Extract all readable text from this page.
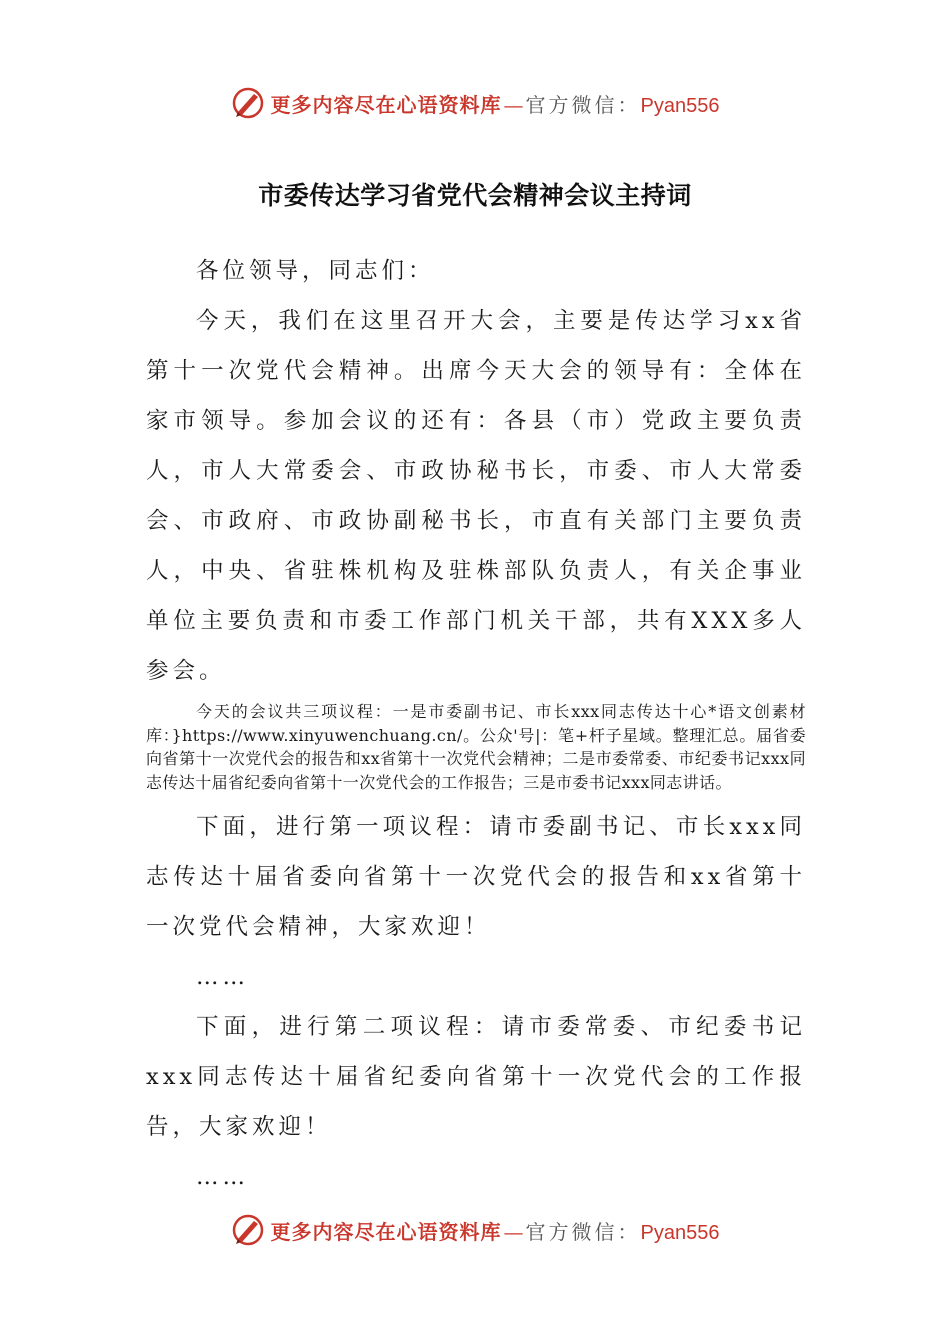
更多内容尽在心语资料库 — 官方微信： Pyan556
市委传达学习省党代会精神会议主持词

各位领导，同志们：

今天，我们在这里召开大会，主要是传达学习xx省第十一次党代会精神。出席今天大会的领导有：全体在家市领导。参加会议的还有：各县（市）党政主要负责人，市人大常委会、市政协秘书长，市委、市人大常委会、市政府、市政协副秘书长，市直有关部门主要负责人，中央、省驻株机构及驻株部队负责人，有关企事业单位主要负责和市委工作部门机关干部，共有XXX多人参会。

今天的会议共三项议程：一是市委副书记、市长xxx同志传达十心*语文创素材库：}https://www.xinyuwenchuang.cn/。公众'号|：笔+杆子星域。整理汇总。届省委向省第十一次党代会的报告和xx省第十一次党代会精神；二是市委常委、市纪委书记xxx同志传达十届省纪委向省第十一次党代会的工作报告；三是市委书记xxx同志讲话。

下面，进行第一项议程：请市委副书记、市长xxx同志传达十届省委向省第十一次党代会的报告和xx省第十一次党代会精神，大家欢迎！

……

下面，进行第二项议程：请市委常委、市纪委书记xxx同志传达十届省纪委向省第十一次党代会的工作报告，大家欢迎！

……

更多内容尽在心语资料库 — 官方微信： Pyan556
